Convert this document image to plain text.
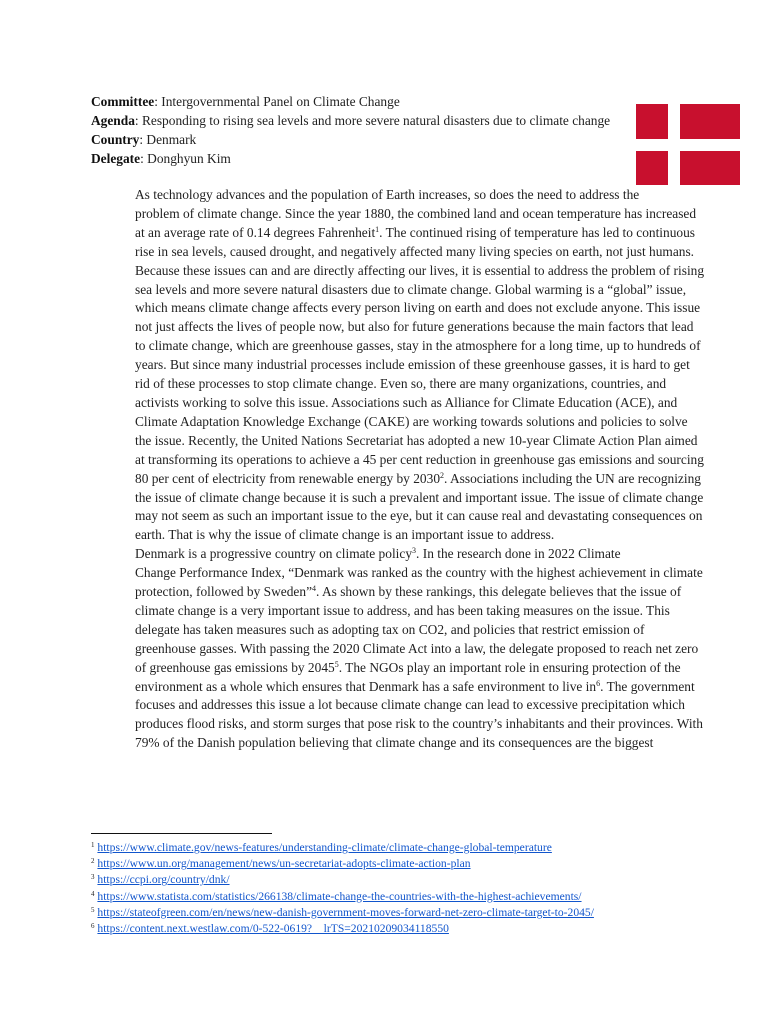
Committee: Intergovernmental Panel on Climate Change
Agenda: Responding to rising sea levels and more severe natural disasters due to climate change
Country: Denmark
Delegate: Donghyun Kim

As technology advances and the population of Earth increases, so does the need to address the
problem of climate change. Since the year 1880, the combined land and ocean temperature has increased
at an average rate of 0.14 degrees Fahrenheit$^1$. The continued rising of temperature has led to continuous
rise in sea levels, caused drought, and negatively affected many living species on earth, not just humans.
Because these issues can and are directly affecting our lives, it is essential to address the problem of rising
sea levels and more severe natural disasters due to climate change. Global warming is a “global” issue,
which means climate change affects every person living on earth and does not exclude anyone. This issue
not just affects the lives of people now, but also for future generations because the main factors that lead
to climate change, which are greenhouse gasses, stay in the atmosphere for a long time, up to hundreds of
years. But since many industrial processes include emission of these greenhouse gasses, it is hard to get
rid of these processes to stop climate change. Even so, there are many organizations, countries, and
activists working to solve this issue. Associations such as Alliance for Climate Education (ACE), and
Climate Adaptation Knowledge Exchange (CAKE) are working towards solutions and policies to solve
the issue. Recently, the United Nations Secretariat has adopted a new 10-year Climate Action Plan aimed
at transforming its operations to achieve a 45 per cent reduction in greenhouse gas emissions and sourcing
80 per cent of electricity from renewable energy by 2030$^2$. Associations including the UN are recognizing
the issue of climate change because it is such a prevalent and important issue. The issue of climate change
may not seem as such an important issue to the eye, but it can cause real and devastating consequences on
earth. That is why the issue of climate change is an important issue to address.

Denmark is a progressive country on climate policy$^3$. In the research done in 2022 Climate
Change Performance Index, “Denmark was ranked as the country with the highest achievement in climate
protection, followed by Sweden”$^4$. As shown by these rankings, this delegate believes that the issue of
climate change is a very important issue to address, and has been taking measures on the issue. This
delegate has taken measures such as adopting tax on CO2, and policies that restrict emission of
greenhouse gasses. With passing the 2020 Climate Act into a law, the delegate proposed to reach net zero
of greenhouse gas emissions by 2045$^5$. The NGOs play an important role in ensuring protection of the
environment as a whole which ensures that Denmark has a safe environment to live $in^6$. The government
focuses and addresses this issue a lot because climate change can lead to excessive precipitation which
produces flood risks, and storm surges that pose risk to the country’s inhabitants and their provinces. With
79% of the Danish population believing that climate change and its consequences are the biggest

$^1$ https://www.climate.gov/news-features/understanding-climate/climate-change-global-temperature
$^2$ https://www.un.org/management/news/un-secretariat-adopts-climate-action-plan
$^3$ https://ccpi.org/country/dnk/
$^4$ https://www.statista.com/statistics/266138/climate-change-the-countries-with-the-highest-achievements/
$^5$ https://stateofgreen.com/en/news/new-danish-government-moves-forward-net-zero-climate-target-to-2045/
$^6$ https://content.next.westlaw.com/0-522-0619?__lrTS=20210209034118550
